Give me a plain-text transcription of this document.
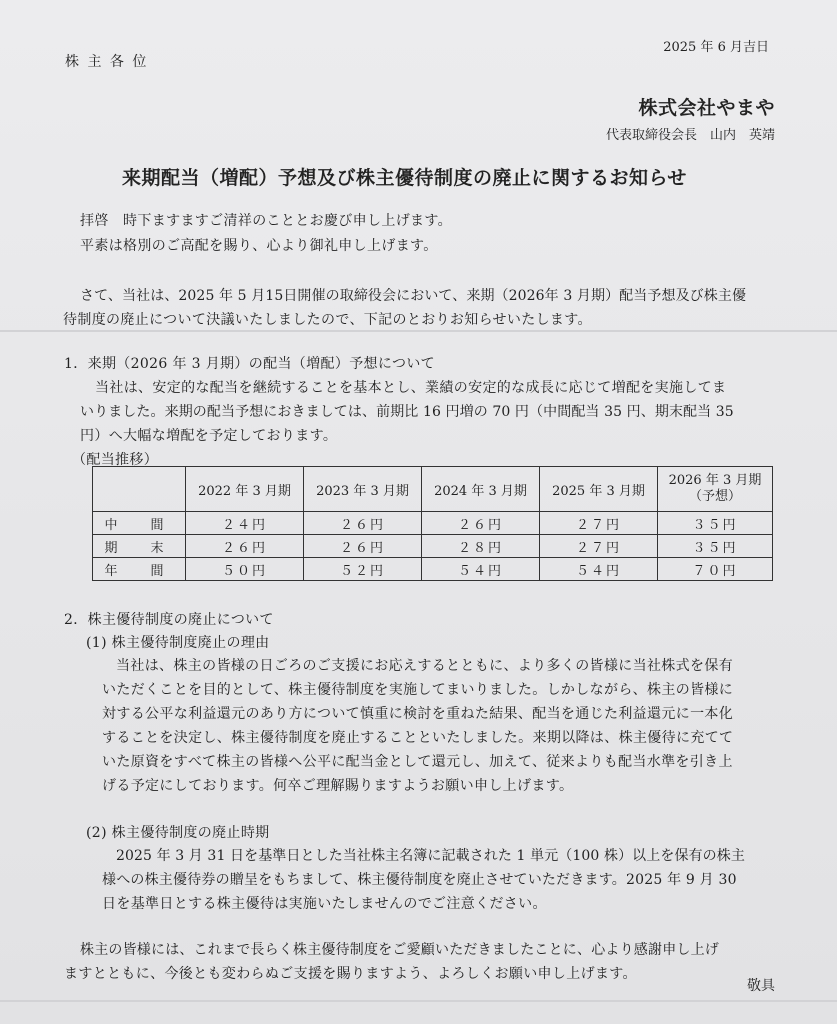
株 主 各 位
2025 年 6 月吉日
株式会社やまや
代表取締役会長　山内　英靖
来期配当（増配）予想及び株主優待制度の廃止に関するお知らせ
拝啓　時下ますますご清祥のこととお慶び申し上げます。
平素は格別のご高配を賜り、心より御礼申し上げます。
さて、当社は、2025 年 5 月15日開催の取締役会において、来期（2026年 3 月期）配当予想及び株主優
待制度の廃止について決議いたしましたので、下記のとおりお知らせいたします。
1．来期（2026 年 3 月期）の配当（増配）予想について
当社は、安定的な配当を継続することを基本とし、業績の安定的な成長に応じて増配を実施してま
いりました。来期の配当予想におきましては、前期比 16 円増の 70 円（中間配当 35 円、期末配当 35
円）へ大幅な増配を予定しております。
（配当推移）
	2022 年 3 月期	2023 年 3 月期	2024 年 3 月期	2025 年 3 月期	2026 年 3 月期
（予想）

中　間	２４円	２６円	２６円	２７円	３５円
期　末	２６円	２６円	２８円	２７円	３５円
年　間	５０円	５２円	５４円	５４円	７０円
2．株主優待制度の廃止について
(1) 株主優待制度廃止の理由
当社は、株主の皆様の日ごろのご支援にお応えするとともに、より多くの皆様に当社株式を保有
いただくことを目的として、株主優待制度を実施してまいりました。しかしながら、株主の皆様に
対する公平な利益還元のあり方について慎重に検討を重ねた結果、配当を通じた利益還元に一本化
することを決定し、株主優待制度を廃止することといたしました。来期以降は、株主優待に充てて
いた原資をすべて株主の皆様へ公平に配当金として還元し、加えて、従来よりも配当水準を引き上
げる予定にしております。何卒ご理解賜りますようお願い申し上げます。
(2) 株主優待制度の廃止時期
2025 年 3 月 31 日を基準日とした当社株主名簿に記載された 1 単元（100 株）以上を保有の株主
様への株主優待券の贈呈をもちまして、株主優待制度を廃止させていただきます。2025 年 9 月 30
日を基準日とする株主優待は実施いたしませんのでご注意ください。
株主の皆様には、これまで長らく株主優待制度をご愛顧いただきましたことに、心より感謝申し上げ
ますとともに、今後とも変わらぬご支援を賜りますよう、よろしくお願い申し上げます。
敬具
